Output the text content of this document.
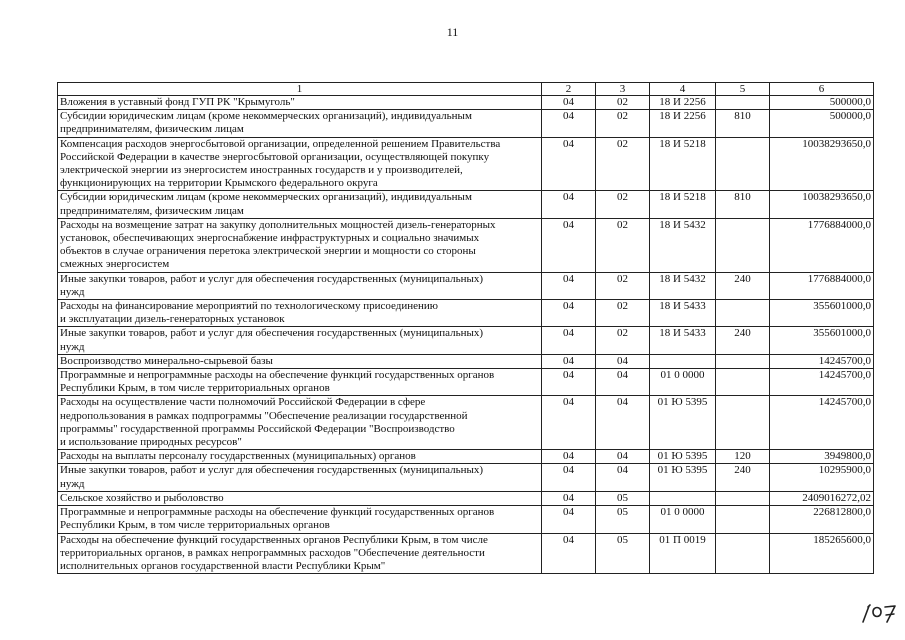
11
1	2	3	4	5	6
Вложения в уставный фонд ГУП РК "Крымуголь"	04	02	18 И 2256		500000,0
Субсидии юридическим лицам (кроме некоммерческих организаций), индивидуальным
предпринимателям, физическим лицам	04	02	18 И 2256	810	500000,0
Компенсация расходов энергосбытовой организации, определенной решением Правительства
Российской Федерации в качестве энергосбытовой организации, осуществляющей покупку
электрической энергии из энергосистем иностранных государств и у производителей,
функционирующих на территории Крымского федерального округа	04	02	18 И 5218		10038293650,0
Субсидии юридическим лицам (кроме некоммерческих организаций), индивидуальным
предпринимателям, физическим лицам	04	02	18 И 5218	810	10038293650,0
Расходы на возмещение затрат на закупку дополнительных мощностей дизель-генераторных
установок, обеспечивающих энергоснабжение инфраструктурных и социально значимых
объектов в случае ограничения перетока электрической энергии и мощности со стороны
смежных энергосистем	04	02	18 И 5432		1776884000,0
Иные закупки товаров, работ и услуг для обеспечения государственных (муниципальных)
нужд	04	02	18 И 5432	240	1776884000,0
Расходы на финансирование мероприятий по технологическому присоединению
и эксплуатации дизель-генераторных установок	04	02	18 И 5433		355601000,0
Иные закупки товаров, работ и услуг для обеспечения государственных (муниципальных)
нужд	04	02	18 И 5433	240	355601000,0
Воспроизводство минерально-сырьевой базы	04	04			14245700,0
Программные и непрограммные расходы на обеспечение функций государственных органов
Республики Крым, в том числе территориальных органов	04	04	01 0 0000		14245700,0
Расходы на осуществление части полномочий Российской Федерации в сфере
недропользования в рамках подпрограммы "Обеспечение реализации государственной
программы" государственной программы Российской Федерации "Воспроизводство
и использование природных ресурсов"	04	04	01 Ю 5395		14245700,0
Расходы на выплаты персоналу государственных (муниципальных) органов	04	04	01 Ю 5395	120	3949800,0
Иные закупки товаров, работ и услуг для обеспечения государственных (муниципальных)
нужд	04	04	01 Ю 5395	240	10295900,0
Сельское хозяйство и рыболовство	04	05			2409016272,02
Программные и непрограммные расходы на обеспечение функций государственных органов
Республики Крым, в том числе территориальных органов	04	05	01 0 0000		226812800,0
Расходы на обеспечение функций государственных органов Республики Крым, в том числе
территориальных органов, в рамках непрограммных расходов "Обеспечение деятельности
исполнительных органов государственной власти Республики Крым"	04	05	01 П 0019		185265600,0
